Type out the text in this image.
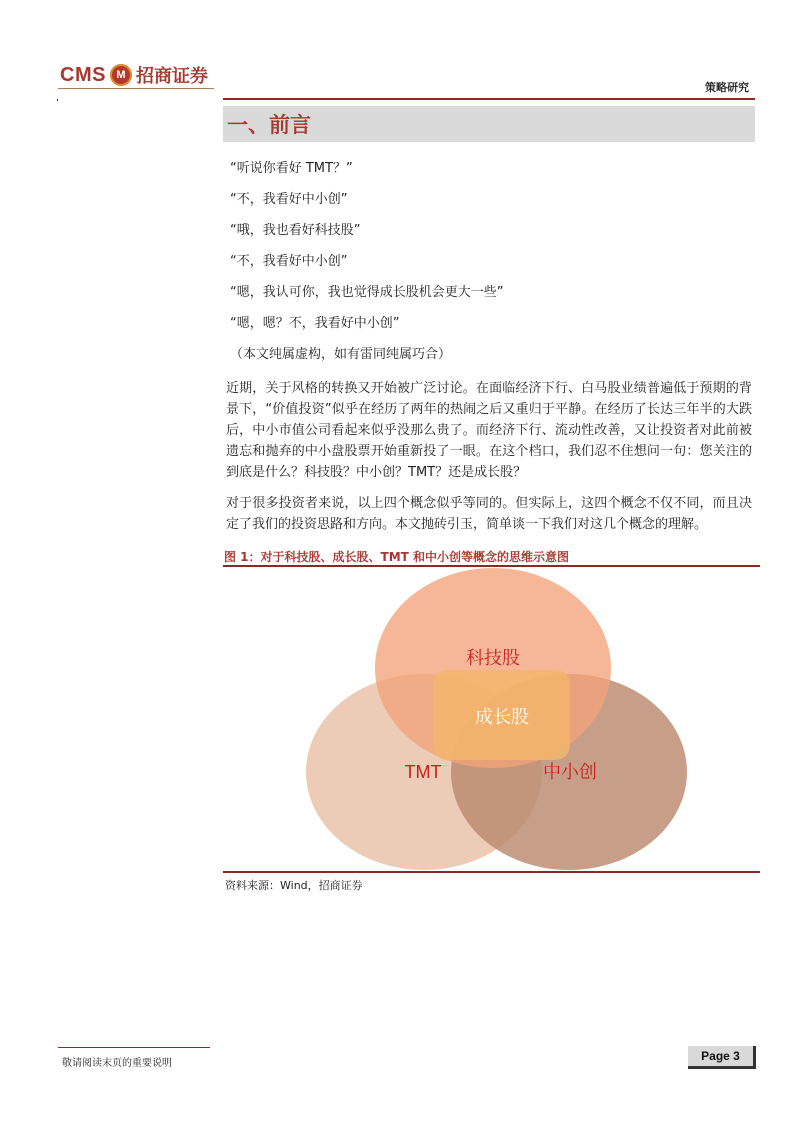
CMS M 招商证券
策略研究
一、前言
“听说你看好 TMT？”
“不，我看好中小创”
“哦，我也看好科技股”
“不，我看好中小创”
“嗯，我认可你，我也觉得成长股机会更大一些”
“嗯，嗯？不，我看好中小创”
（本文纯属虚构，如有雷同纯属巧合）
近期，关于风格的转换又开始被广泛讨论。在面临经济下行、白马股业绩普遍低于预期的背景下，“价值投资”似乎在经历了两年的热闹之后又重归于平静。在经历了长达三年半的大跌后，中小市值公司看起来似乎没那么贵了。而经济下行、流动性改善，又让投资者对此前被遗忘和抛弃的中小盘股票开始重新投了一眼。在这个档口，我们忍不住想问一句：您关注的到底是什么？科技股？中小创？TMT？还是成长股？
对于很多投资者来说，以上四个概念似乎等同的。但实际上，这四个概念不仅不同，而且决定了我们的投资思路和方向。本文抛砖引玉，简单谈一下我们对这几个概念的理解。
图 1：对于科技股、成长股、TMT 和中小创等概念的思维示意图
科技股
成长股
TMT	中小创
资料来源：Wind，招商证券
敬请阅读末页的重要说明
Page 3
